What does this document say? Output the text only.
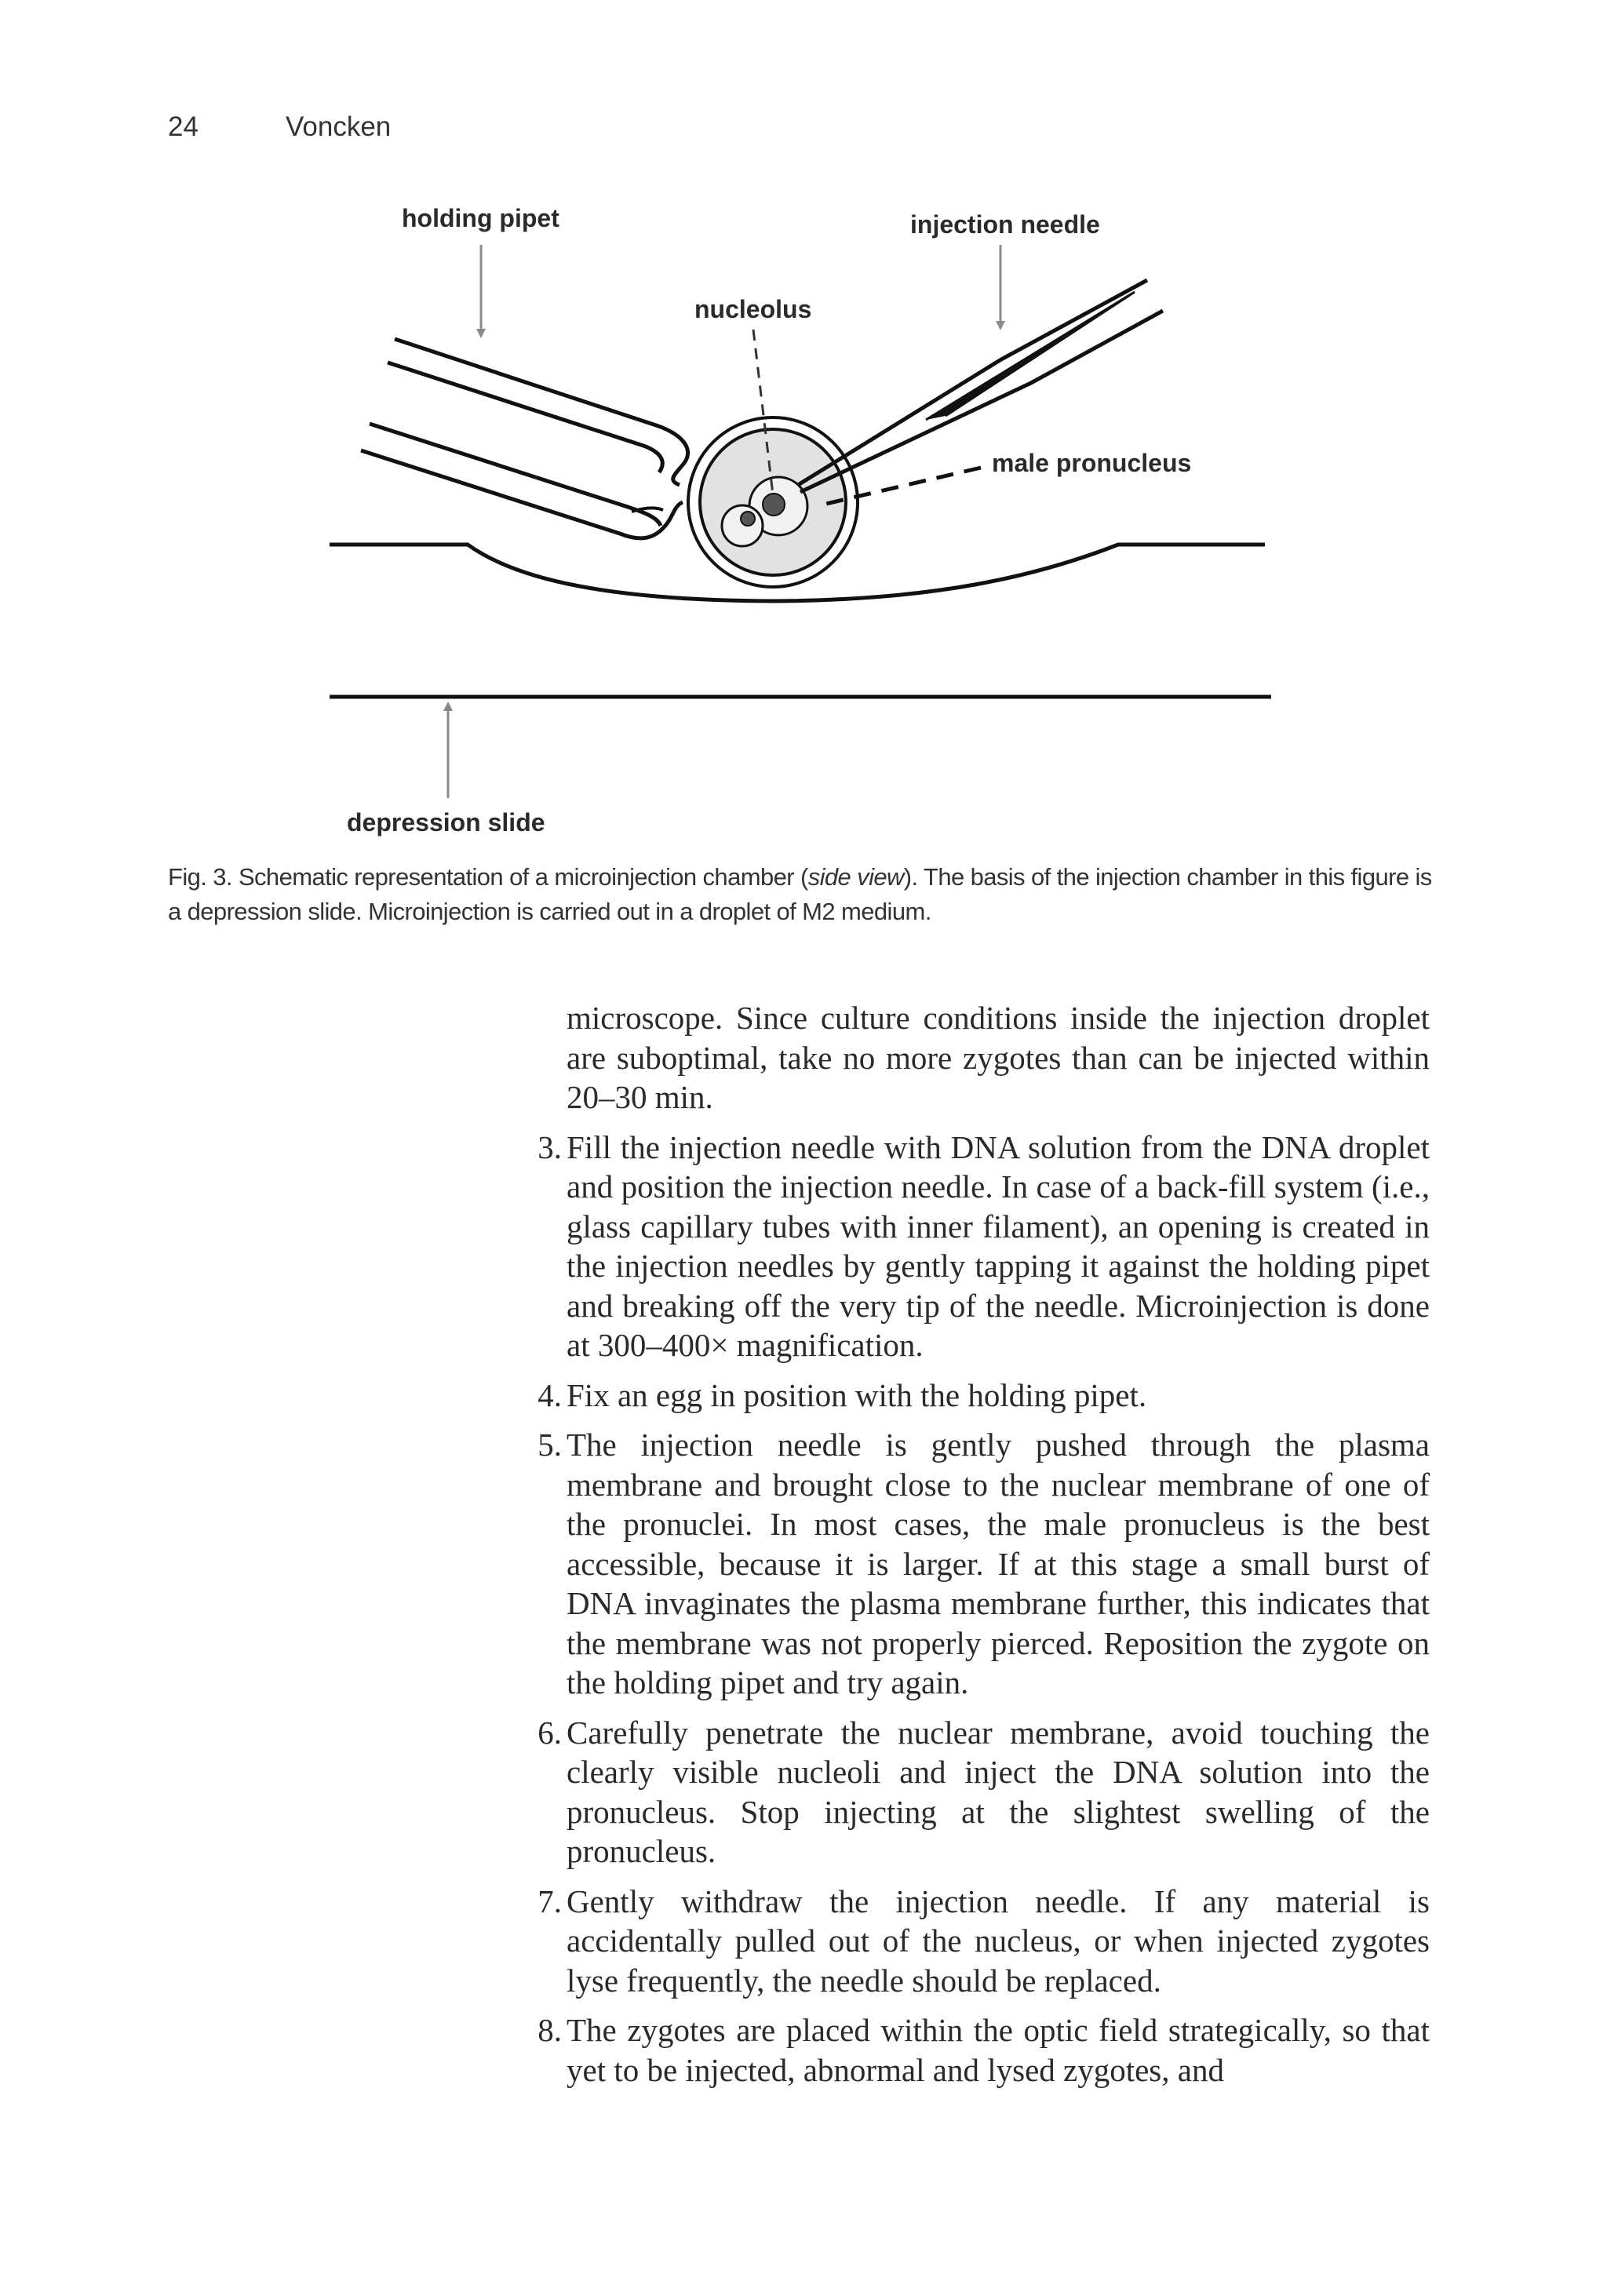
24	Voncken
holding pipet	injection needle
nucleolus
male pronucleus
depression slide
Fig. 3. Schematic representation of a microinjection chamber (side view). The basis of the injection chamber in this figure is a depression slide. Microinjection is carried out in a droplet of M2 medium.

microscope. Since culture conditions inside the injection droplet are suboptimal, take no more zygotes than can be injected within 20–30 min.

3. Fill the injection needle with DNA solution from the DNA droplet and position the injection needle. In case of a back-fill system (i.e., glass capillary tubes with inner filament), an opening is created in the injection needles by gently tapping it against the holding pipet and breaking off the very tip of the needle. Microinjection is done at 300–400× magnification.
4. Fix an egg in position with the holding pipet.
5. The injection needle is gently pushed through the plasma membrane and brought close to the nuclear membrane of one of the pronuclei. In most cases, the male pronucleus is the best accessible, because it is larger. If at this stage a small burst of DNA invaginates the plasma membrane further, this indicates that the membrane was not properly pierced. Reposition the zygote on the holding pipet and try again.
6. Carefully penetrate the nuclear membrane, avoid touching the clearly visible nucleoli and inject the DNA solution into the pronucleus. Stop injecting at the slightest swelling of the pronucleus.
7. Gently withdraw the injection needle. If any material is accidentally pulled out of the nucleus, or when injected zygotes lyse frequently, the needle should be replaced.
8. The zygotes are placed within the optic field strategically, so that yet to be injected, abnormal and lysed zygotes, and
